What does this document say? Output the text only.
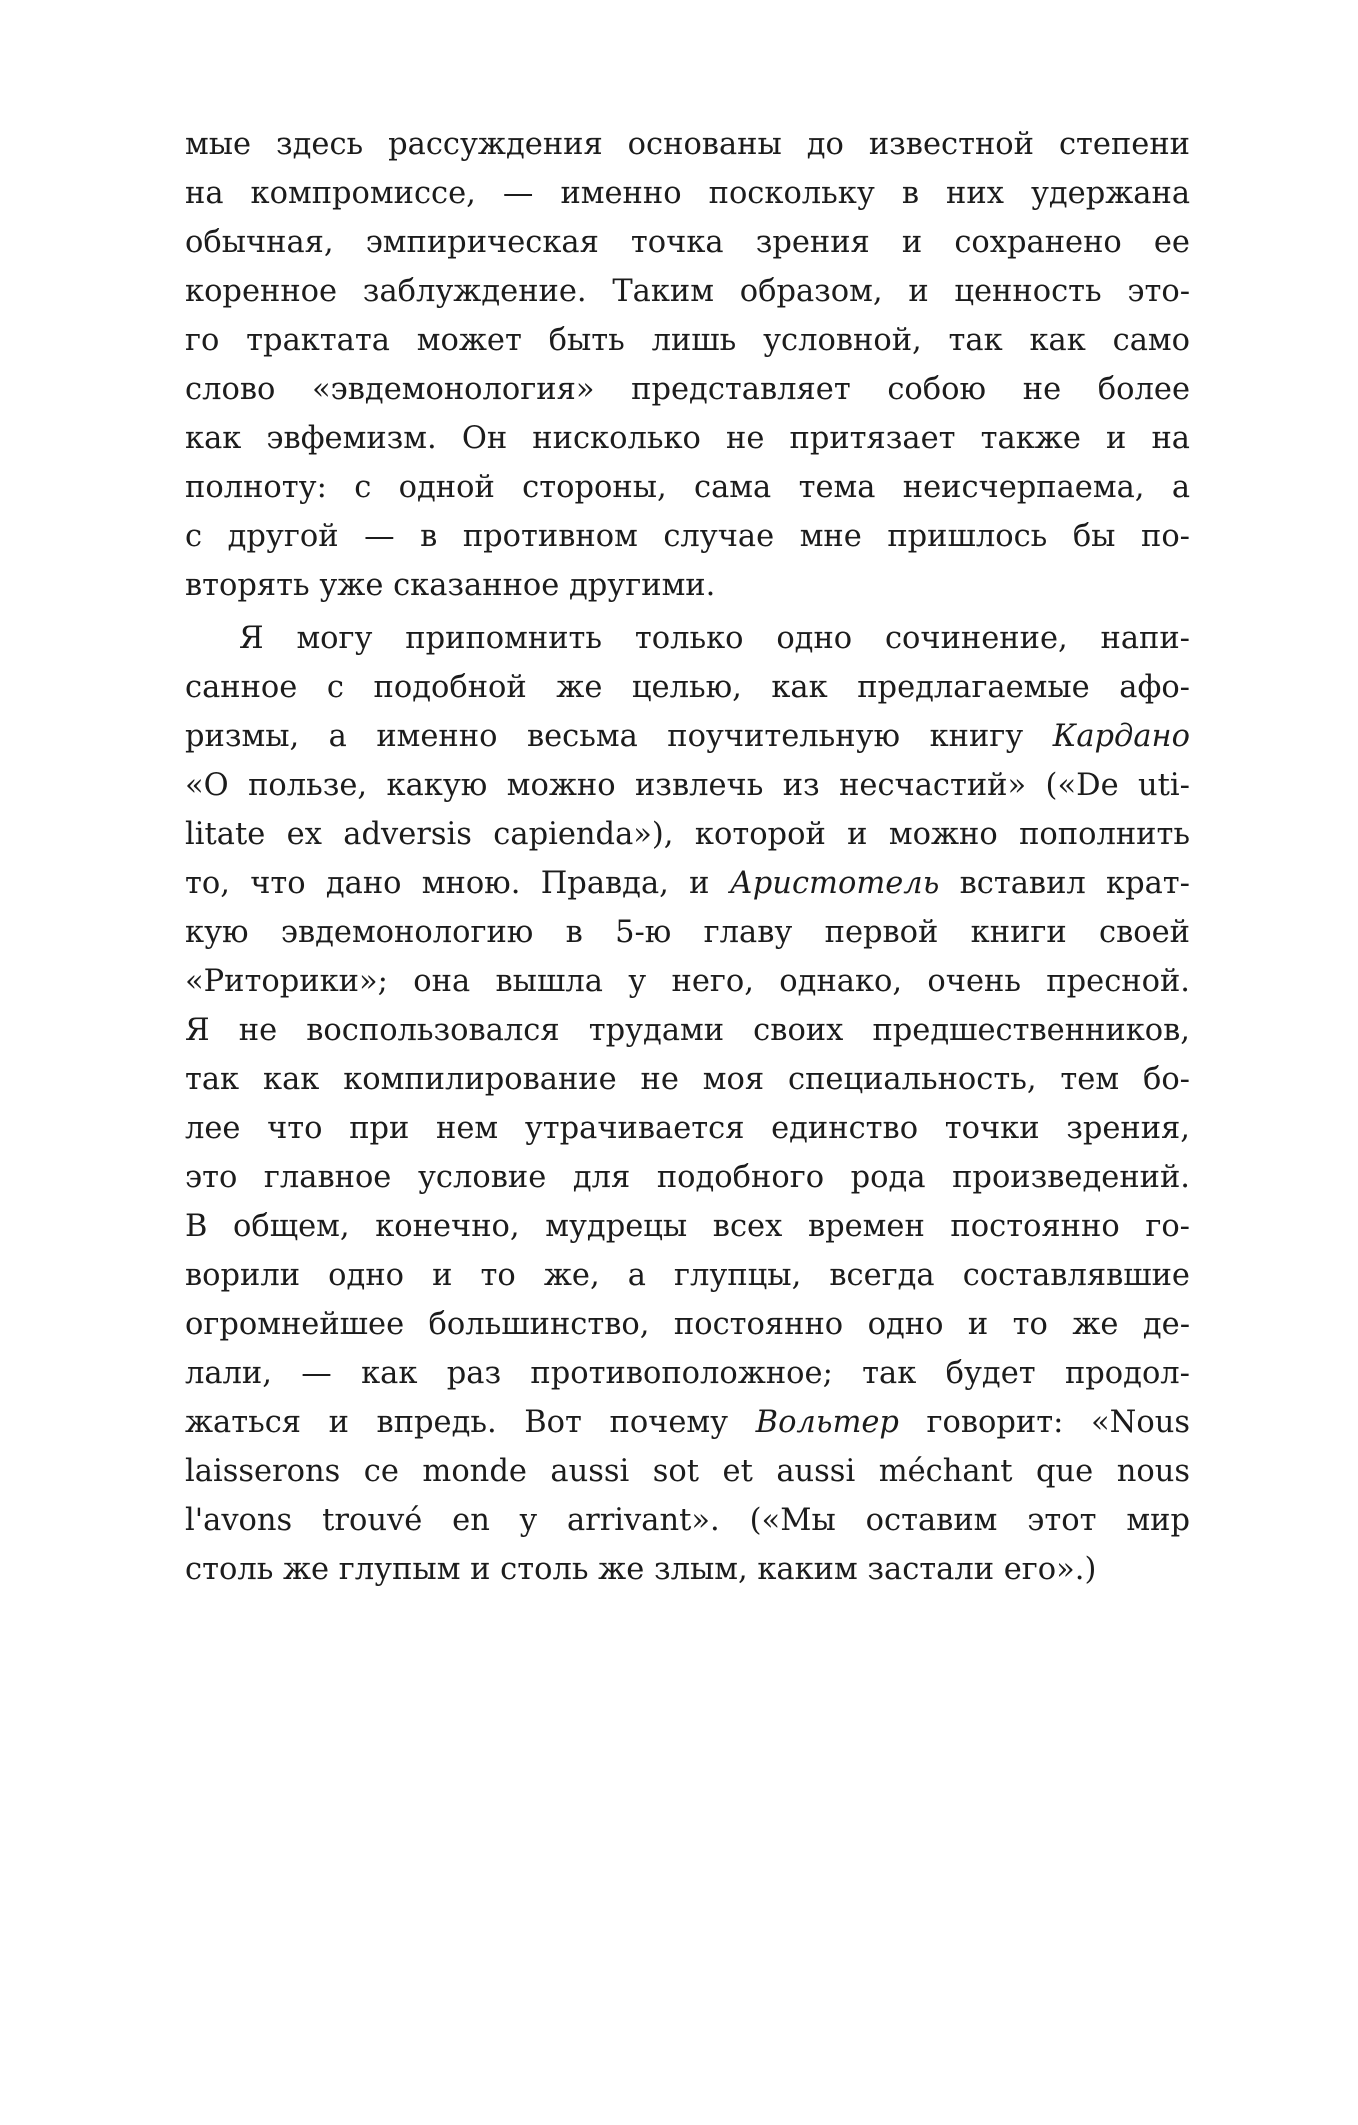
мые здесь рассуждения основаны до известной степени
на компромиссе, — именно поскольку в них удержана
обычная, эмпирическая точка зрения и сохранено ее
коренное заблуждение. Таким образом, и ценность это-
го трактата может быть лишь условной, так как само
слово «эвдемонология» представляет собою не более
как эвфемизм. Он нисколько не притязает также и на
полноту: с одной стороны, сама тема неисчерпаема, а
с другой — в противном случае мне пришлось бы по-
вторять уже сказанное другими.
Я могу припомнить только одно сочинение, напи-
санное с подобной же целью, как предлагаемые афо-
ризмы, а именно весьма поучительную книгу Кардано
«О пользе, какую можно извлечь из несчастий» («De uti-
litate ex adversis capienda»), которой и можно пополнить
то, что дано мною. Правда, и Аристотель вставил крат-
кую эвдемонологию в 5-ю главу первой книги своей
«Риторики»; она вышла у него, однако, очень пресной.
Я не воспользовался трудами своих предшественников,
так как компилирование не моя специальность, тем бо-
лее что при нем утрачивается единство точки зрения,
это главное условие для подобного рода произведений.
В общем, конечно, мудрецы всех времен постоянно го-
ворили одно и то же, а глупцы, всегда составлявшие
огромнейшее большинство, постоянно одно и то же де-
лали, — как раз противоположное; так будет продол-
жаться и впредь. Вот почему Вольтер говорит: «Nous
laisserons ce monde aussi sot et aussi méchant que nous
l'avons trouvé en y arrivant». («Мы оставим этот мир
столь же глупым и столь же злым, каким застали его».)
